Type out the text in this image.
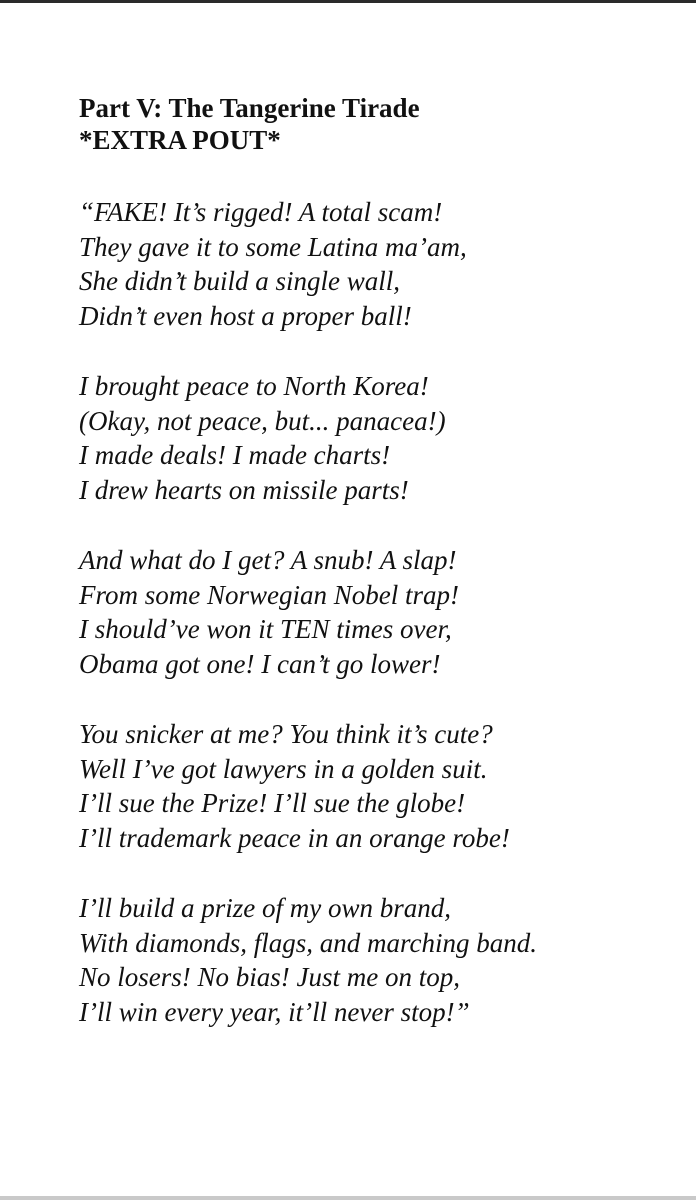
Part V: The Tangerine Tirade
*EXTRA POUT*
“FAKE! It’s rigged! A total scam!
They gave it to some Latina ma’am,
She didn’t build a single wall,
Didn’t even host a proper ball!
I brought peace to North Korea!
(Okay, not peace, but... panacea!)
I made deals! I made charts!
I drew hearts on missile parts!
And what do I get? A snub! A slap!
From some Norwegian Nobel trap!
I should’ve won it TEN times over,
Obama got one! I can’t go lower!
You snicker at me? You think it’s cute?
Well I’ve got lawyers in a golden suit.
I’ll sue the Prize! I’ll sue the globe!
I’ll trademark peace in an orange robe!
I’ll build a prize of my own brand,
With diamonds, flags, and marching band.
No losers! No bias! Just me on top,
I’ll win every year, it’ll never stop!”
